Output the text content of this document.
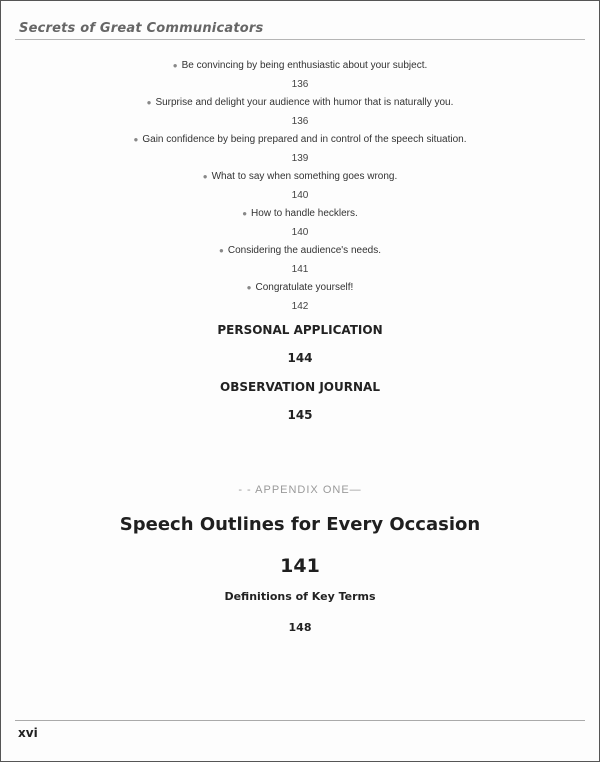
Secrets of Great Communicators
● Be convincing by being enthusiastic about your subject.
136
● Surprise and delight your audience with humor that is naturally you.
136
● Gain confidence by being prepared and in control of the speech situation.
139
● What to say when something goes wrong.
140
● How to handle hecklers.
140
● Considering the audience's needs.
141
● Congratulate yourself!
142
PERSONAL APPLICATION
144
OBSERVATION JOURNAL
145
- - APPENDIX ONE—
Speech Outlines for Every Occasion
141
Definitions of Key Terms
148
xvi
